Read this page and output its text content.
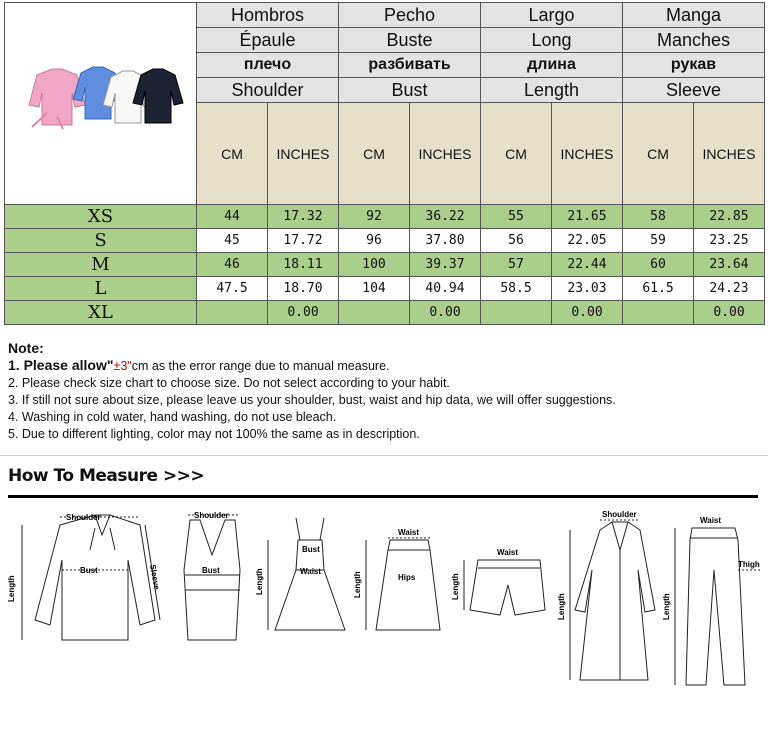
	Hombros		Pecho		Largo		Manga	
	Épaule		Buste		Long		Manches	
	плечо		разбивать		длина		рукав	
	Shoulder		Bust		Length		Sleeve	
	CM	INCHES	CM	INCHES	CM	INCHES	CM	INCHES
XS	44	17.32	92	36.22	55	21.65	58	22.85
S	45	17.72	96	37.80	56	22.05	59	23.25
M	46	18.11	100	39.37	57	22.44	60	23.64
L	47.5	18.70	104	40.94	58.5	23.03	61.5	24.23
XL		0.00		0.00		0.00		0.00
Note:
1. Please allow"±3"cm as the error range due to manual measure.
2. Please check size chart to choose size. Do not select according to your habit.
3. If still not sure about size, please leave us your shoulder, bust, waist and hip data, we will offer suggestions.
4. Washing in cold water, hand washing, do not use bleach.
5. Due to different lighting, color may not 100% the same as in description.
How To Measure >>>
Shoulder
Bust
Length	Sleeve
Shoulder
Bust
Bust
Waist
Length
Waist
Hips
Length
Waist
Length
Shoulder
Length
Waist
Thigh
Length
